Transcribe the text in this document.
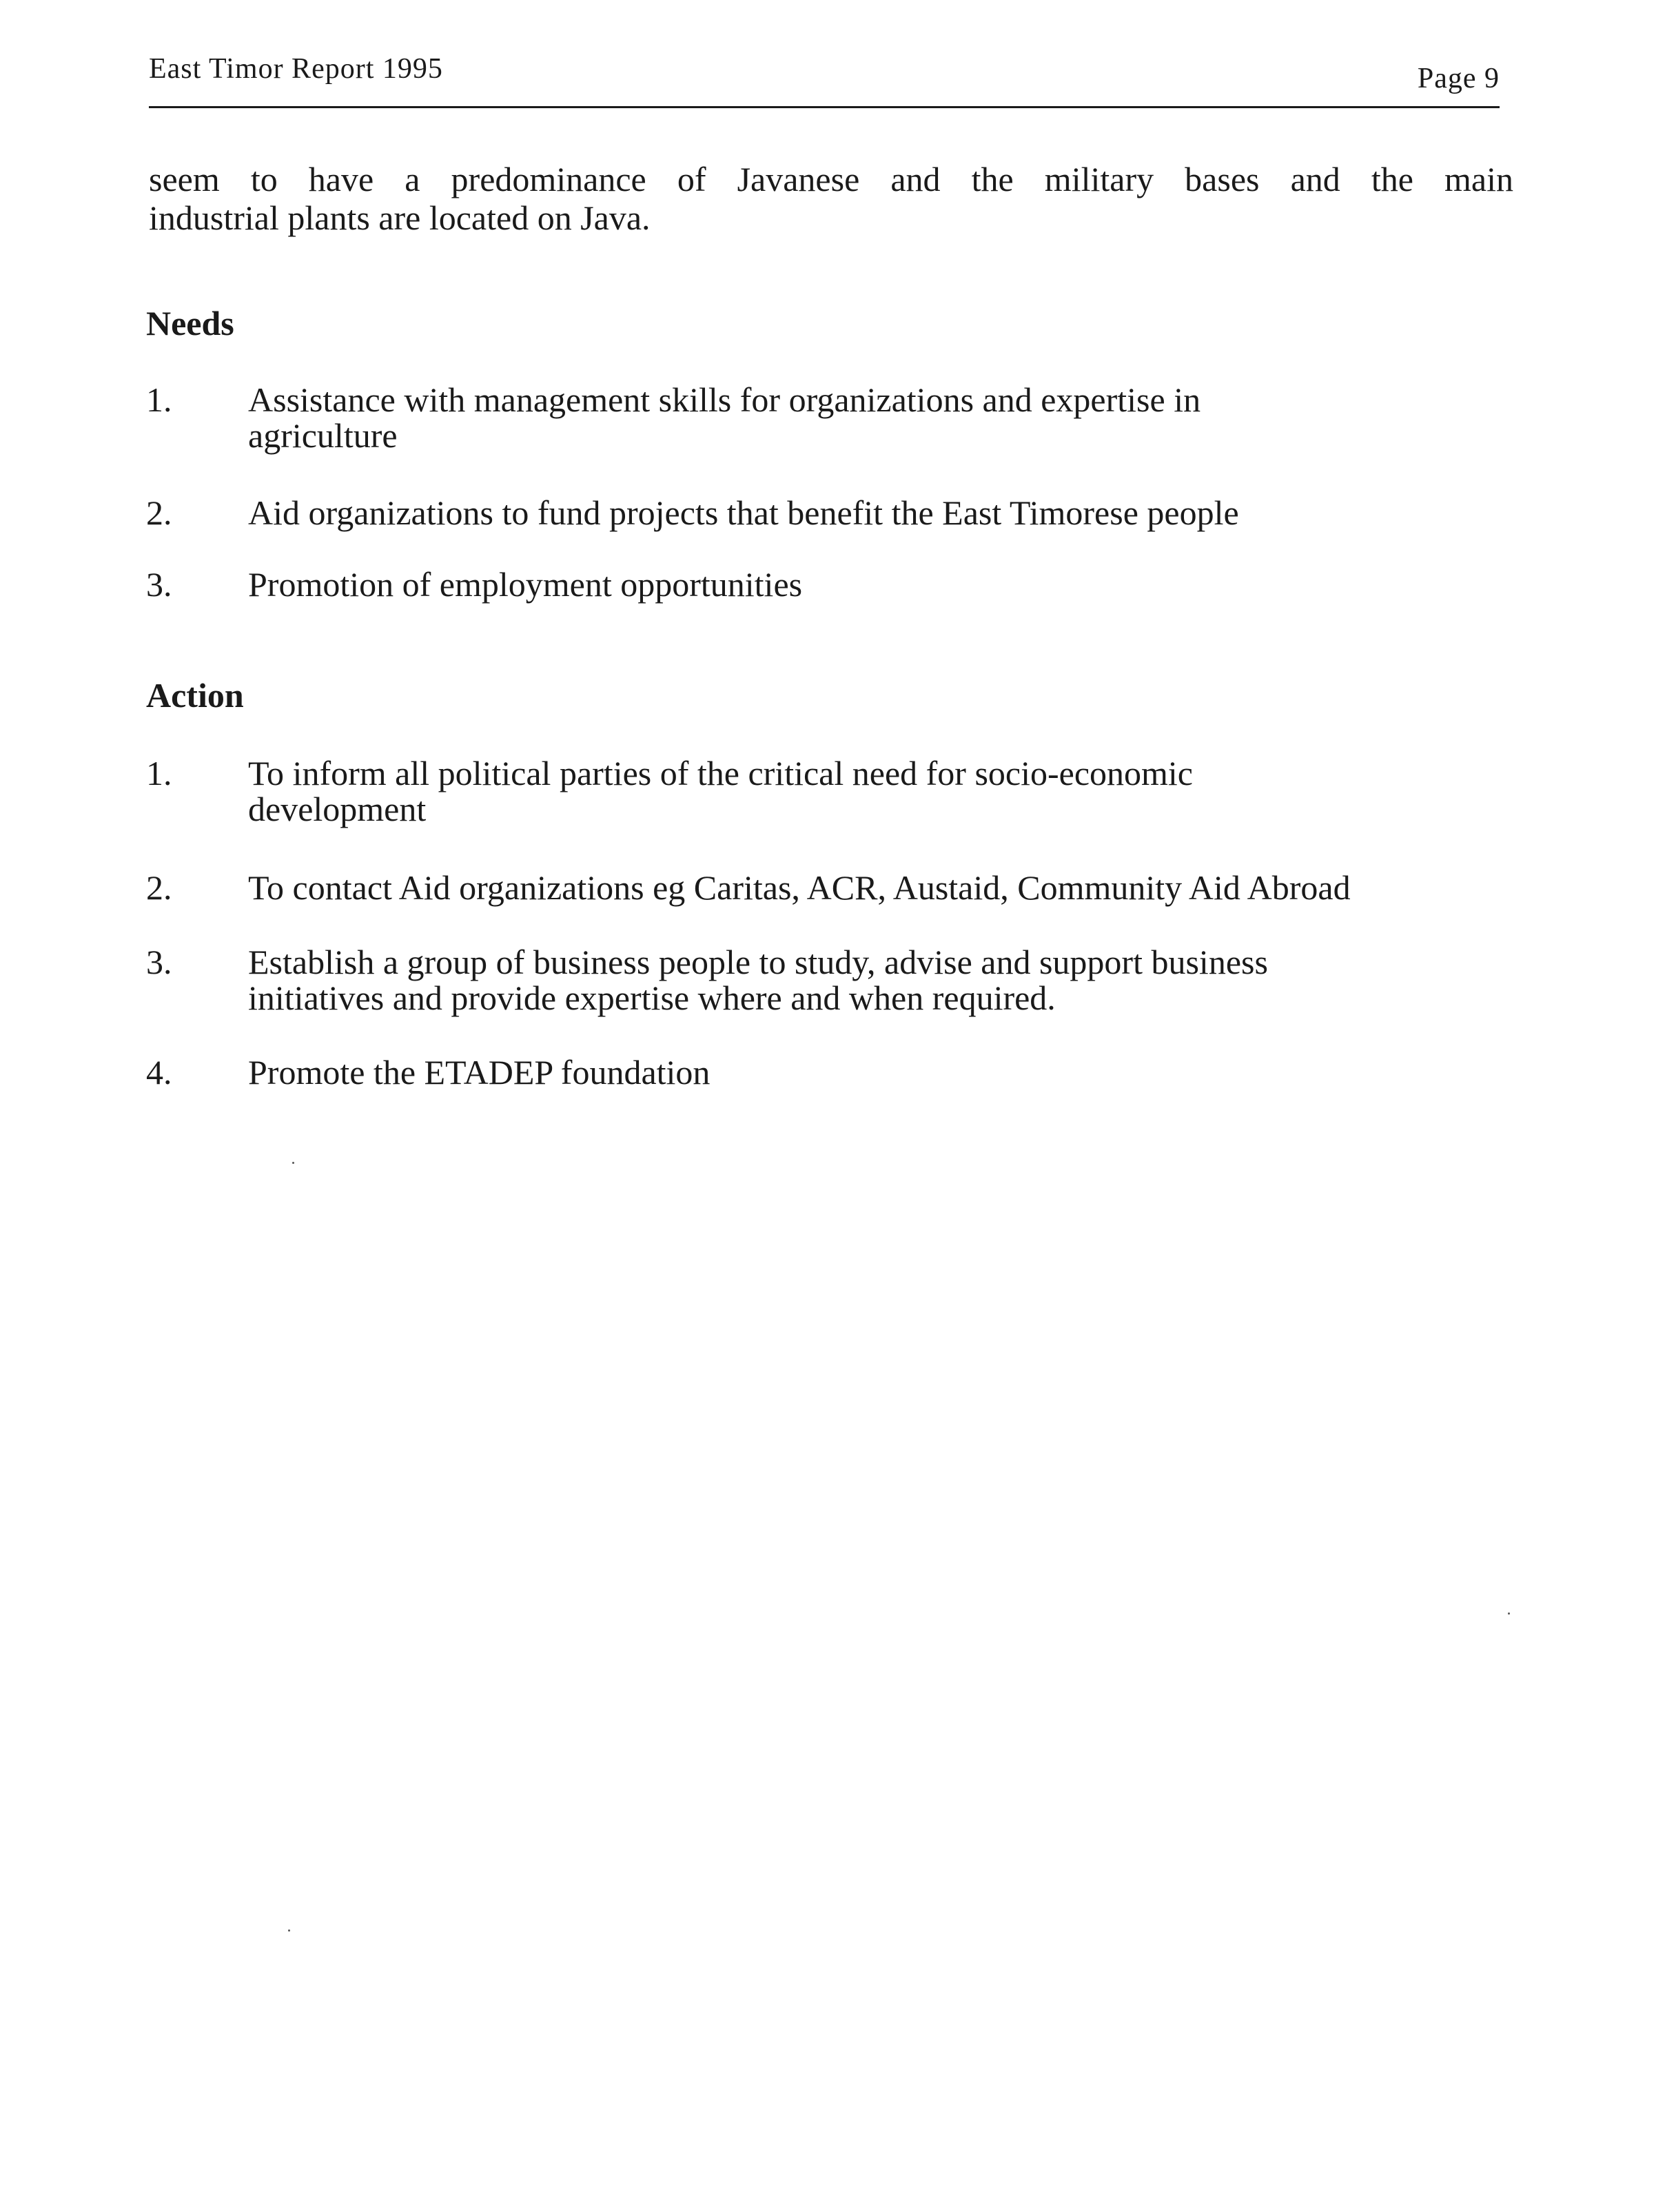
East Timor Report 1995	Page 9

seem to have a predominance of Javanese and the military bases and the main
industrial plants are located on Java.

Needs
1. Assistance with management skills for organizations and expertise in
agriculture
2. Aid organizations to fund projects that benefit the East Timorese people
3. Promotion of employment opportunities
Action
1. To inform all political parties of the critical need for socio-economic
development
2. To contact Aid organizations eg Caritas, ACR, Austaid, Community Aid Abroad
3. Establish a group of business people to study, advise and support business
initiatives and provide expertise where and when required.
4. Promote the ETADEP foundation
